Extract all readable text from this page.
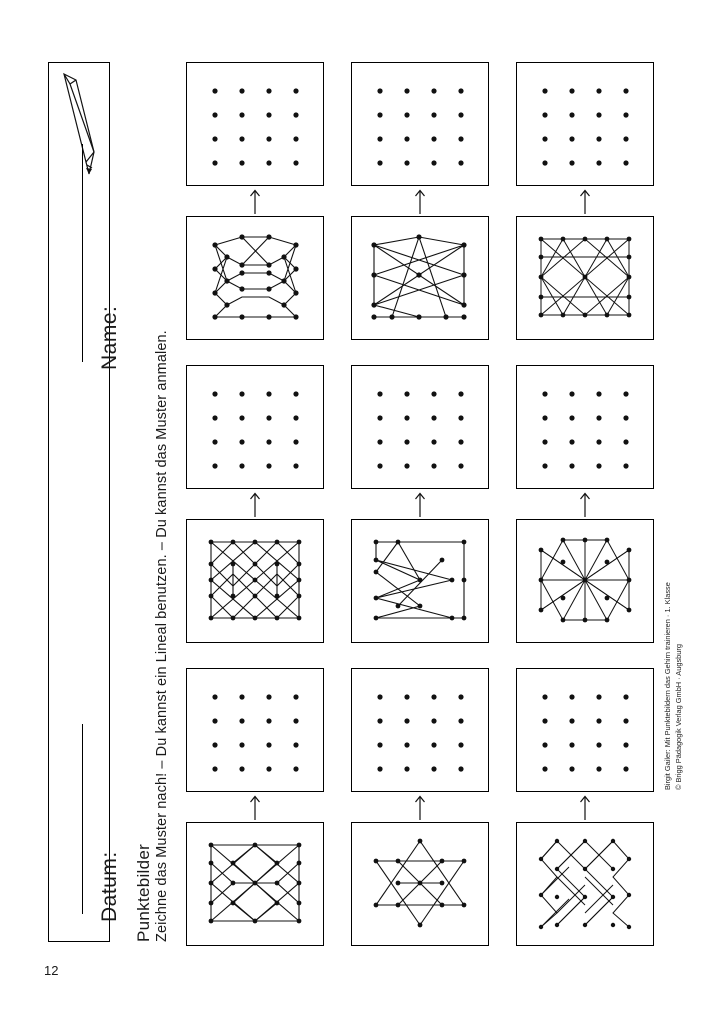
Name:
Datum: Punktebilder Zeichne das Muster nach! – Du kannst ein Lineal benutzen. – Du kannst das Muster anmalen.
12
Birgit Gailer: Mit Punktebildern das Gehirn trainieren · 1. Klasse © Brigg Pädagogik Verlag GmbH · Augsburg
